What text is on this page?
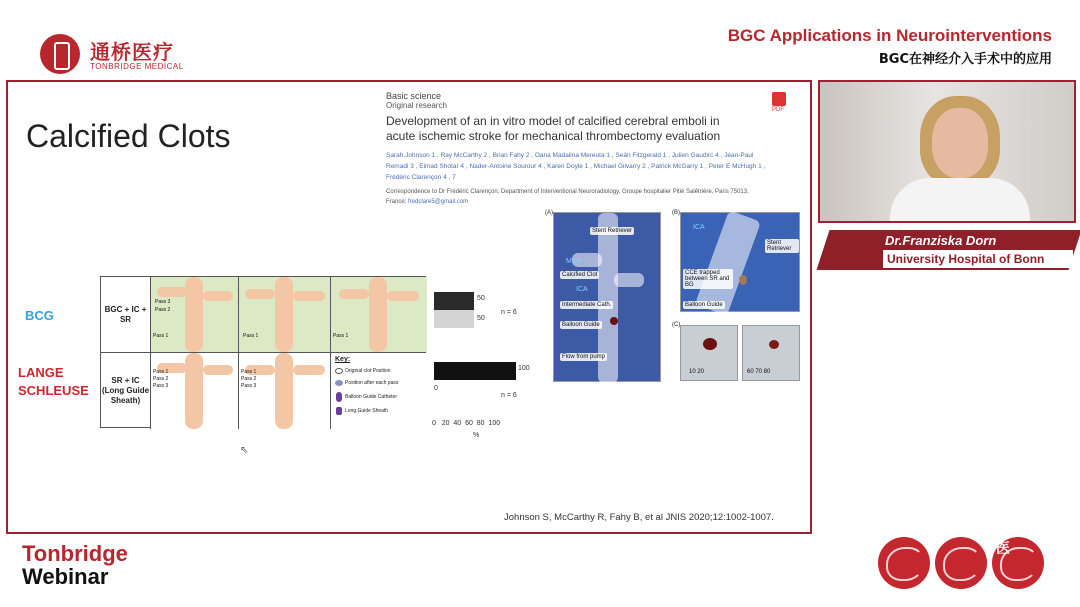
通桥医疗
TONBRIDGE MEDICAL
BGC Applications in Neurointerventions
BGC在神经介入手术中的应用
Calcified Clots
Basic science
Original research
Development of an in vitro model of calcified cerebral emboli in acute ischemic stroke for mechanical thrombectomy evaluation
Sarah Johnson 1 , Ray McCarthy 2 , Brian Fahy 2 , Oana Madalina Mereuta 1 , Seán Fitzgerald 1 , Julien Gaudirc 4 , Jean-Paul Remadi 3 , Eimad Shotar 4 , Nader-Antoine Sourour 4 , Karen Doyle 1 , Michael Gilvarry 2 , Patrick McGarry 1 , Peter E McHugh 1 , Frédéric Clarençon 4 , 7
Correspondence to Dr Frédéric Clarençon, Department of Interventional Neuroradiology, Groupe hospitalier Pitié Salêtrière, Paris 75013, France; fredclare5@gmail.com
PDF
(A)
Stent Retriever
MCA
Calcified Clot
ICA
Intermediate Cath.
Balloon Guide
Flow from pump
(B)
ICA
Stent Retriever
CCE trapped between SR and BG
Balloon Guide
(C)
10 20	60 70 80
BCG
LANGE SCHLEUSE
BGC + IC + SR
SR + IC (Long Guide Sheath)
Pass 3
Pass 2
Pass 1	Pass 1	Pass 1
Pass 1
Pass 2
Pass 3
Pass 1
Pass 2
Pass 3
Key:
Original clot Position
Position after each pass
Balloon Guide Catheter
Long Guide Sheath
50
50
n = 6
100
0
n = 6
0   20  40  60  80  100
%
⇖
Johnson S, McCarthy R, Fahy B, et al JNIS 2020;12:1002-1007.
Dr.Franziska Dorn
University Hospital of Bonn
Tonbridge
Webinar
医
